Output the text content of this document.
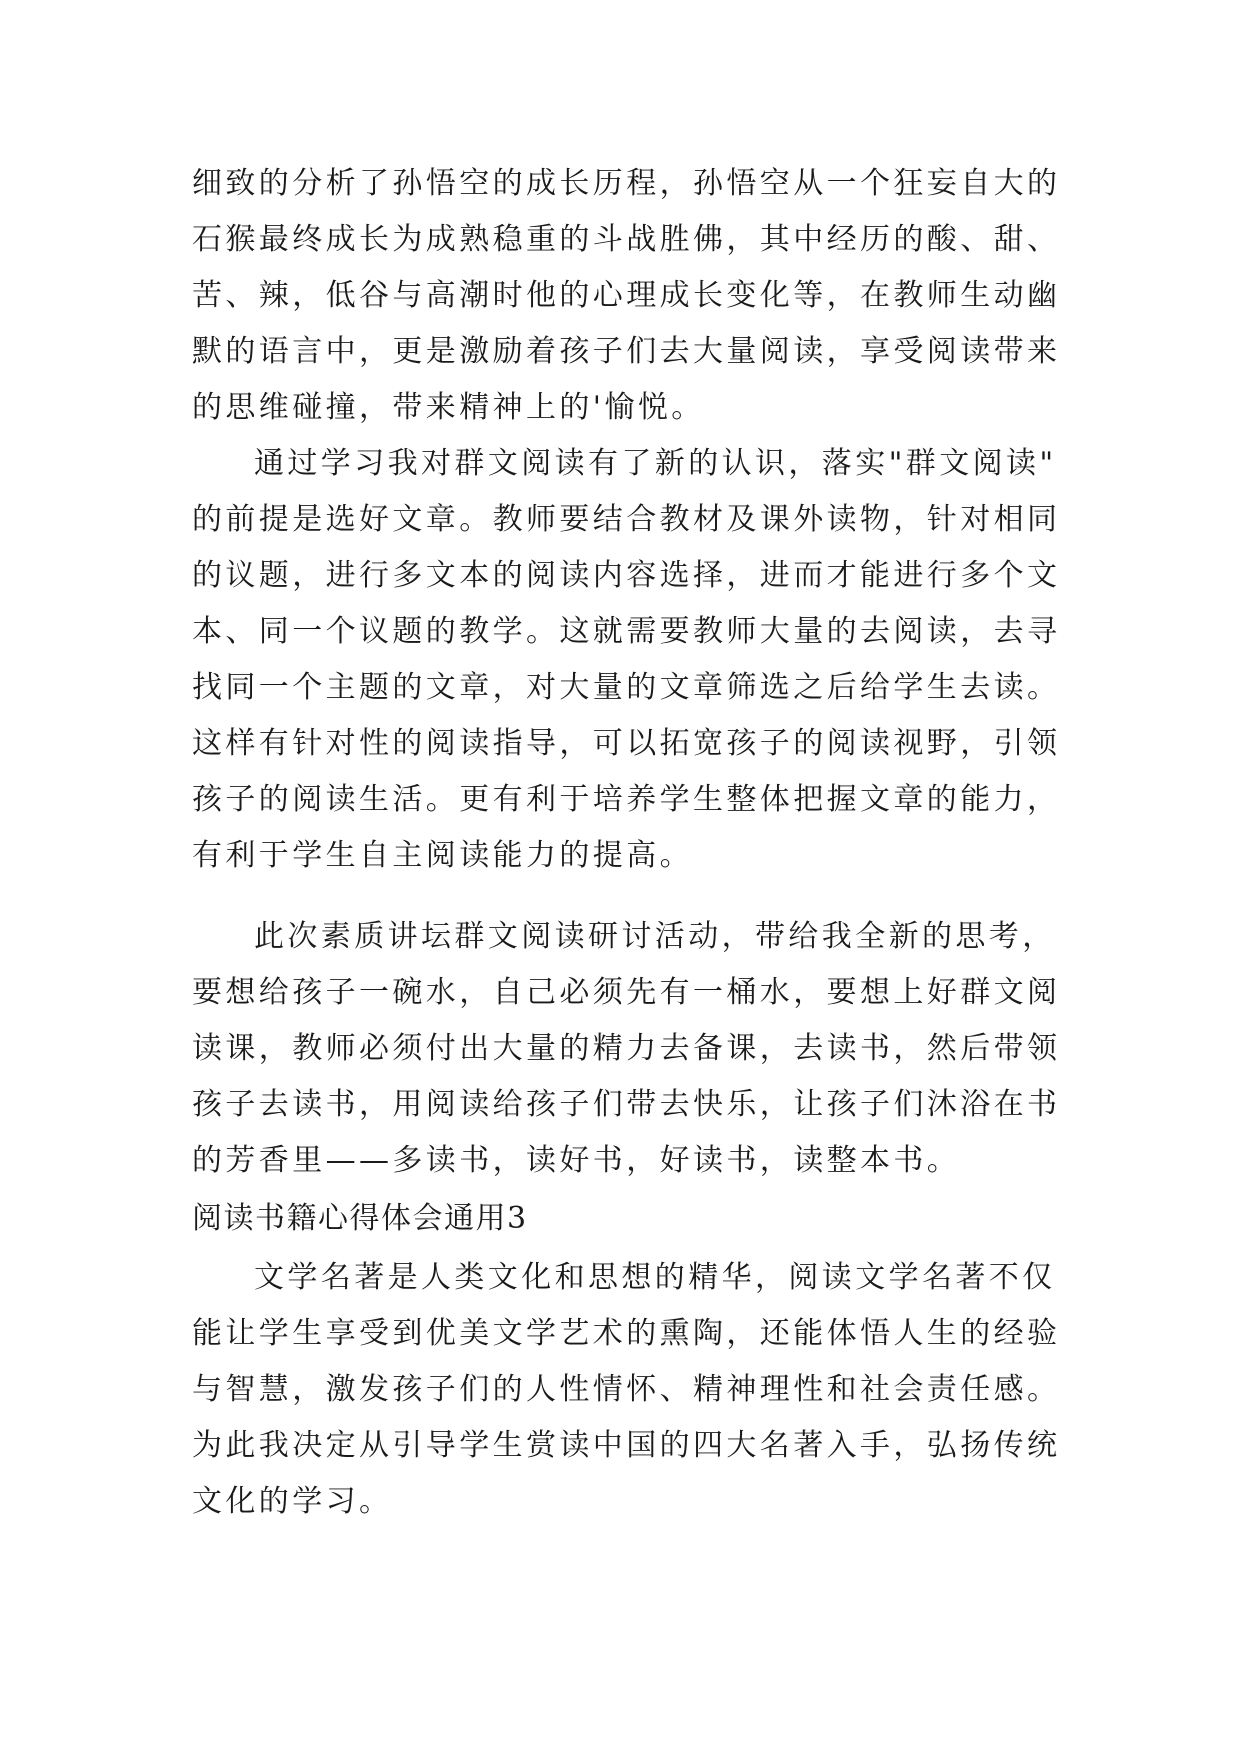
细致的分析了孙悟空的成长历程，孙悟空从一个狂妄自大的
石猴最终成长为成熟稳重的斗战胜佛，其中经历的酸、甜、
苦、辣，低谷与高潮时他的心理成长变化等，在教师生动幽
默的语言中，更是激励着孩子们去大量阅读，享受阅读带来
的思维碰撞，带来精神上的'愉悦。
通过学习我对群文阅读有了新的认识，落实"群文阅读"
的前提是选好文章。教师要结合教材及课外读物，针对相同
的议题，进行多文本的阅读内容选择，进而才能进行多个文
本、同一个议题的教学。这就需要教师大量的去阅读，去寻
找同一个主题的文章，对大量的文章筛选之后给学生去读。
这样有针对性的阅读指导，可以拓宽孩子的阅读视野，引领
孩子的阅读生活。更有利于培养学生整体把握文章的能力，
有利于学生自主阅读能力的提高。
此次素质讲坛群文阅读研讨活动，带给我全新的思考，
要想给孩子一碗水，自己必须先有一桶水，要想上好群文阅
读课，教师必须付出大量的精力去备课，去读书，然后带领
孩子去读书，用阅读给孩子们带去快乐，让孩子们沐浴在书
的芳香里——多读书，读好书，好读书，读整本书。
阅读书籍心得体会通用3
文学名著是人类文化和思想的精华，阅读文学名著不仅
能让学生享受到优美文学艺术的熏陶，还能体悟人生的经验
与智慧，激发孩子们的人性情怀、精神理性和社会责任感。
为此我决定从引导学生赏读中国的四大名著入手，弘扬传统
文化的学习。
